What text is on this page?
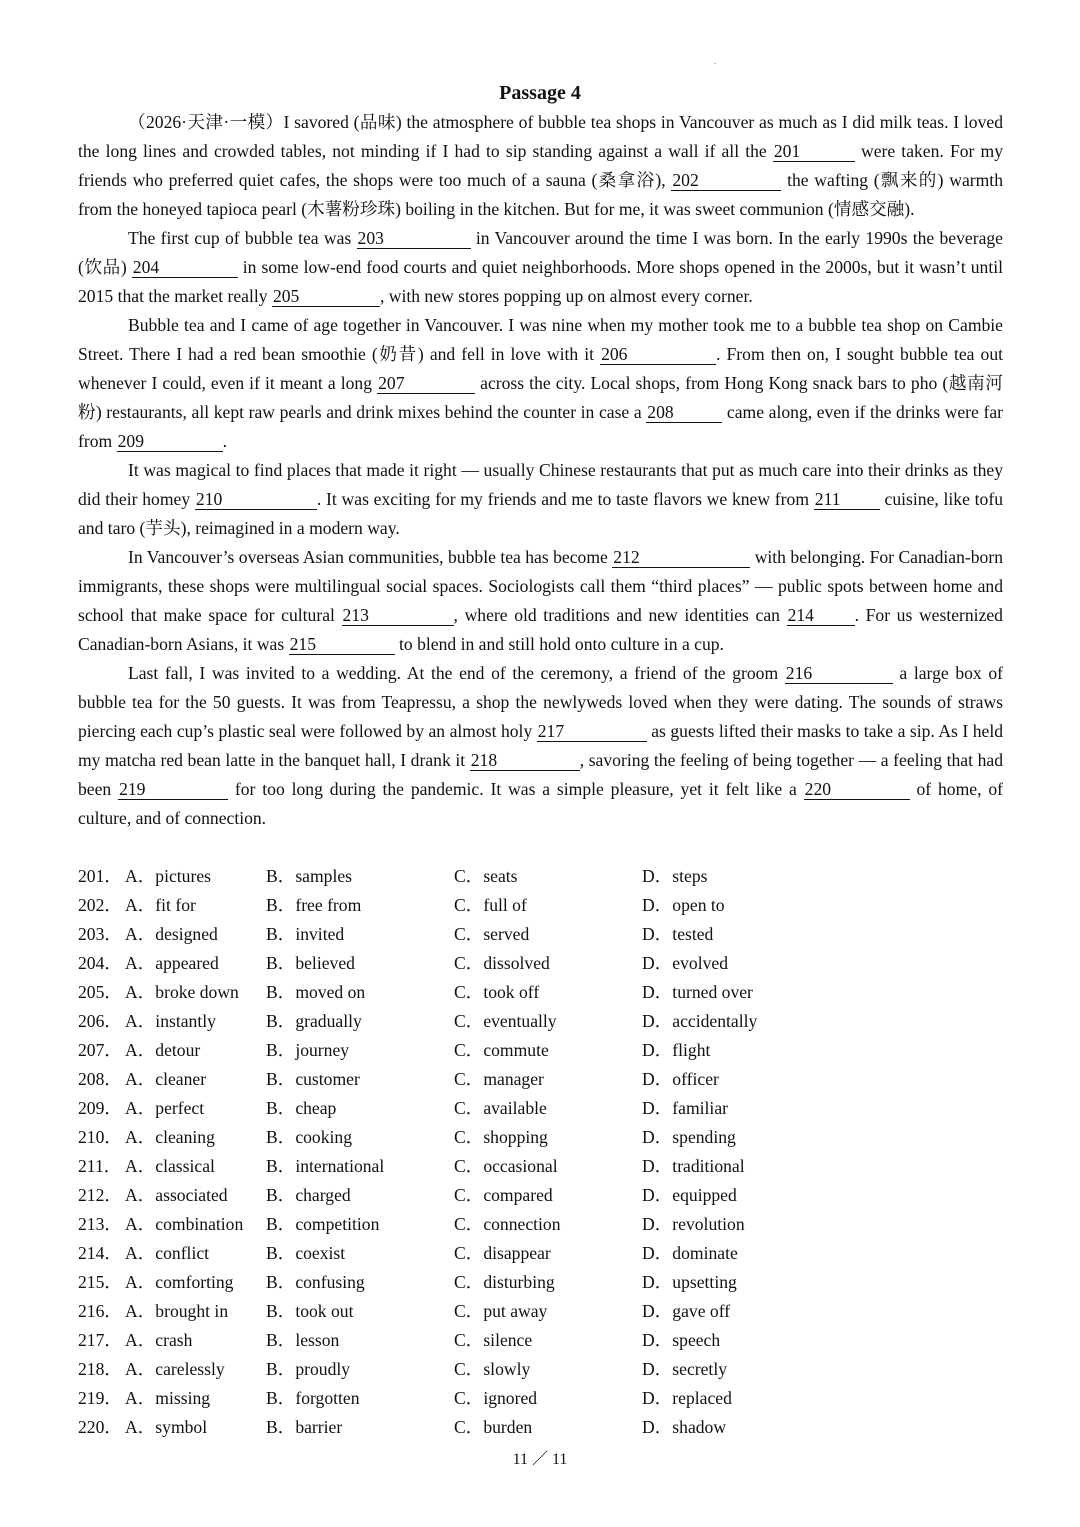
.
Passage 4

（2026·天津·一模）I savored (品味) the atmosphere of bubble tea shops in Vancouver as much as I did milk teas. I loved the long lines and crowded tables, not minding if I had to sip standing against a wall if all the 201	were taken. For my friends who preferred quiet cafes, the shops were too much of a sauna (桑拿浴), 202	the wafting (飘来的) warmth from the honeyed tapioca pearl (木薯粉珍珠) boiling in the kitchen. But for me, it was sweet communion (情感交融).

The first cup of bubble tea was 203	in Vancouver around the time I was born. In the early 1990s the beverage (饮品) 204	in some low-end food courts and quiet neighborhoods. More shops opened in the 2000s, but it wasn’t until 2015 that the market really 205	, with new stores popping up on almost every corner.

Bubble tea and I came of age together in Vancouver. I was nine when my mother took me to a bubble tea shop on Cambie Street. There I had a red bean smoothie (奶昔) and fell in love with it 206	. From then on, I sought bubble tea out whenever I could, even if it meant a long 207	across the city. Local shops, from Hong Kong snack bars to pho (越南河粉) restaurants, all kept raw pearls and drink mixes behind the counter in case a 208	came along, even if the drinks were far from 209	.

It was magical to find places that made it right — usually Chinese restaurants that put as much care into their drinks as they did their homey 210	. It was exciting for my friends and me to taste flavors we knew from 211 cuisine, like tofu and taro (芋头), reimagined in a modern way.

In Vancouver’s overseas Asian communities, bubble tea has become 212	with belonging. For Canadian-born immigrants, these shops were multilingual social spaces. Sociologists call them “third places” — public spots between home and school that make space for cultural 213	, where old traditions and new identities can 214 . For us westernized Canadian-born Asians, it was 215	to blend in and still hold onto culture in a cup.

Last fall, I was invited to a wedding. At the end of the ceremony, a friend of the groom 216	a large box of bubble tea for the 50 guests. It was from Teapressu, a shop the newlyweds loved when they were dating. The sounds of straws piercing each cup’s plastic seal were followed by an almost holy 217	as guests lifted their masks to take a sip. As I held my matcha red bean latte in the banquet hall, I drank it 218	, savoring the feeling of being together — a feeling that had been 219	for too long during the pandemic. It was a simple pleasure, yet it felt like a 220	of home, of culture, and of connection.

201． A．pictures	B．samples	C．seats	D．steps
202． A．fit for	B．free from	C．full of	D．open to
203． A．designed	B．invited	C．served	D．tested
204． A．appeared	B．believed	C．dissolved	D．evolved
205． A．broke down B．moved on	C．took off	D．turned over
206． A．instantly	B．gradually	C．eventually	D．accidentally
207． A．detour	B．journey	C．commute	D．flight
208． A．cleaner	B．customer	C．manager	D．officer
209． A．perfect	B．cheap	C．available	D．familiar
210． A．cleaning	B．cooking	C．shopping	D．spending
211． A．classical	B．international	C．occasional	D．traditional
212． A．associated B．charged	C．compared	D．equipped
213． A．combination B．competition	C．connection	D．revolution
214． A．conflict	B．coexist	C．disappear	D．dominate
215． A．comforting B．confusing	C．disturbing	D．upsetting
216． A．brought in B．took out	C．put away	D．gave off
217． A．crash	B．lesson	C．silence	D．speech
218． A．carelessly B．proudly	C．slowly	D．secretly
219． A．missing	B．forgotten	C．ignored	D．replaced
220． A．symbol	B．barrier	C．burden	D．shadow
11 ／ 11
